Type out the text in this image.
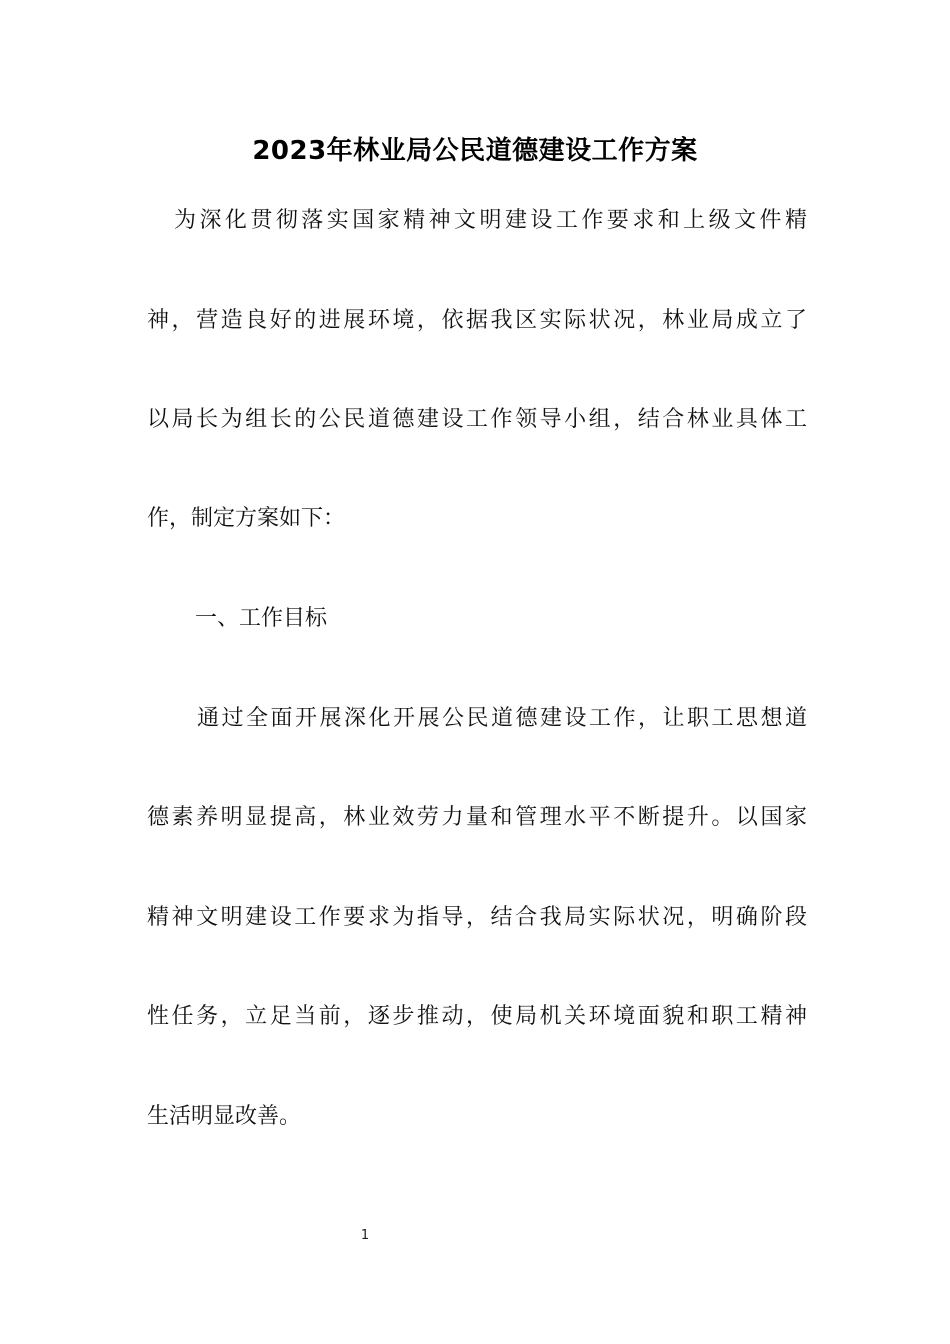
2023年林业局公民道德建设工作方案
为深化贯彻落实国家精神文明建设工作要求和上级文件精
神，营造良好的进展环境，依据我区实际状况，林业局成立了
以局长为组长的公民道德建设工作领导小组，结合林业具体工
作，制定方案如下：
一、工作目标
通过全面开展深化开展公民道德建设工作，让职工思想道
德素养明显提高，林业效劳力量和管理水平不断提升。以国家
精神文明建设工作要求为指导，结合我局实际状况，明确阶段
性任务，立足当前，逐步推动，使局机关环境面貌和职工精神
生活明显改善。
1
